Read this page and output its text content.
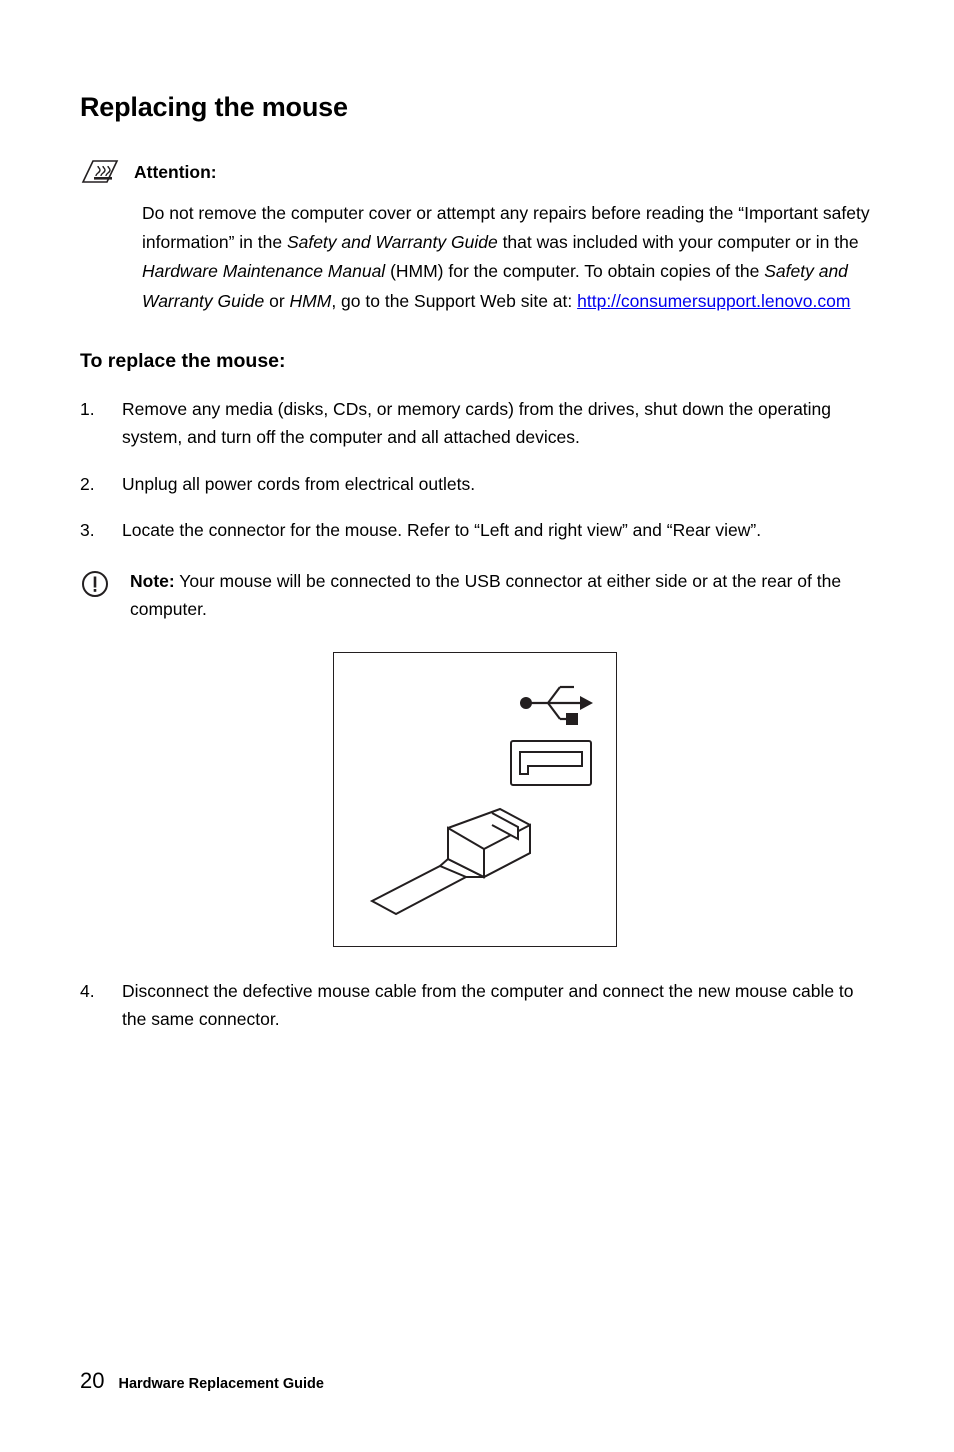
Replacing the mouse
Attention:
Do not remove the computer cover or attempt any repairs before reading the “Important safety information” in the Safety and Warranty Guide that was included with your computer or in the Hardware Maintenance Manual (HMM) for the computer. To obtain copies of the Safety and Warranty Guide or HMM, go to the Support Web site at: http://consumersupport.lenovo.com
To replace the mouse:
1.	Remove any media (disks, CDs, or memory cards) from the drives, shut down the operating system, and turn off the computer and all attached devices.
2.	Unplug all power cords from electrical outlets.
3.	Locate the connector for the mouse. Refer to “Left and right view” and “Rear view”.
Note: Your mouse will be connected to the USB connector at either side or at the rear of the computer.
4.	Disconnect the defective mouse cable from the computer and connect the new mouse cable to the same connector.
20 Hardware Replacement Guide
